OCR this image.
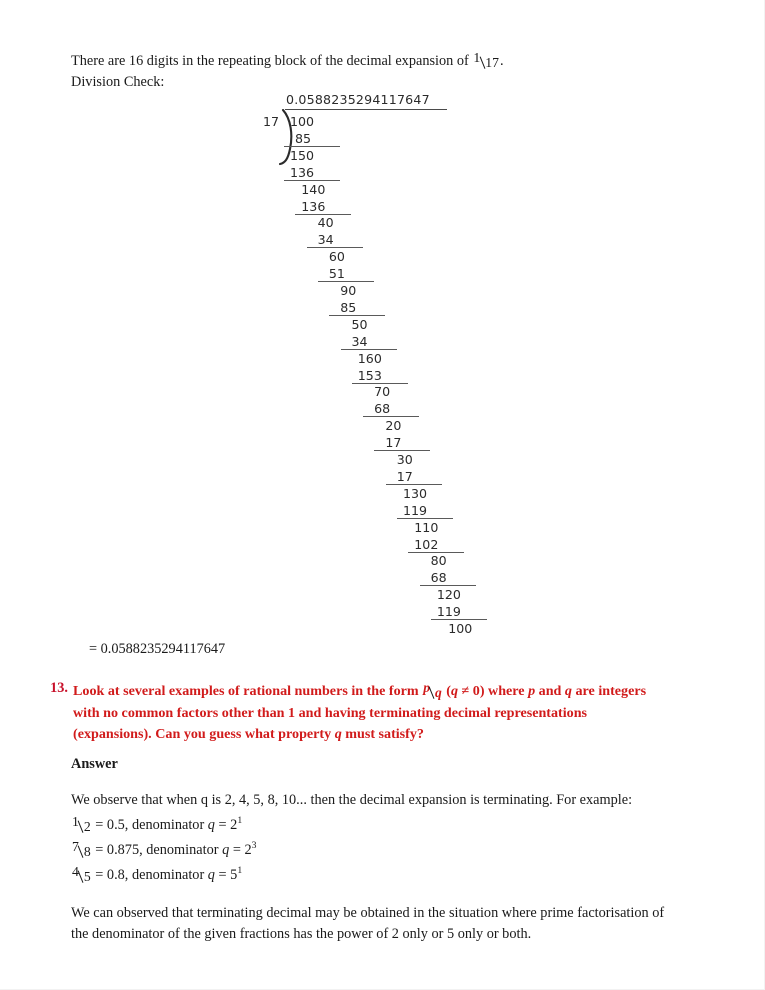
There are 16 digits in the repeating block of the decimal expansion of 1 17.
Division Check:
0.0588235294117647
17 100
85
150
136
140
136
40
34
60
51
90
85
50
34
160
153
70
68
20
17
30
17
130
119
110
102
80
68
120
119
100
= 0.0588235294117647
13. Look at several examples of rational numbers in the form p q (q ≠ 0) where p and q are integers with no common factors other than 1 and having terminating decimal representations (expansions). Can you guess what property q must satisfy?
Answer
We observe that when q is 2, 4, 5, 8, 10... then the decimal expansion is terminating. For example:
1 2 = 0.5, denominator $q = 2^1$
7 8 = 0.875, denominator $q = 2^3$
4 5 = 0.8, denominator $q = 5^1$
We can observed that terminating decimal may be obtained in the situation where prime factorisation of the denominator of the given fractions has the power of 2 only or 5 only or both.
